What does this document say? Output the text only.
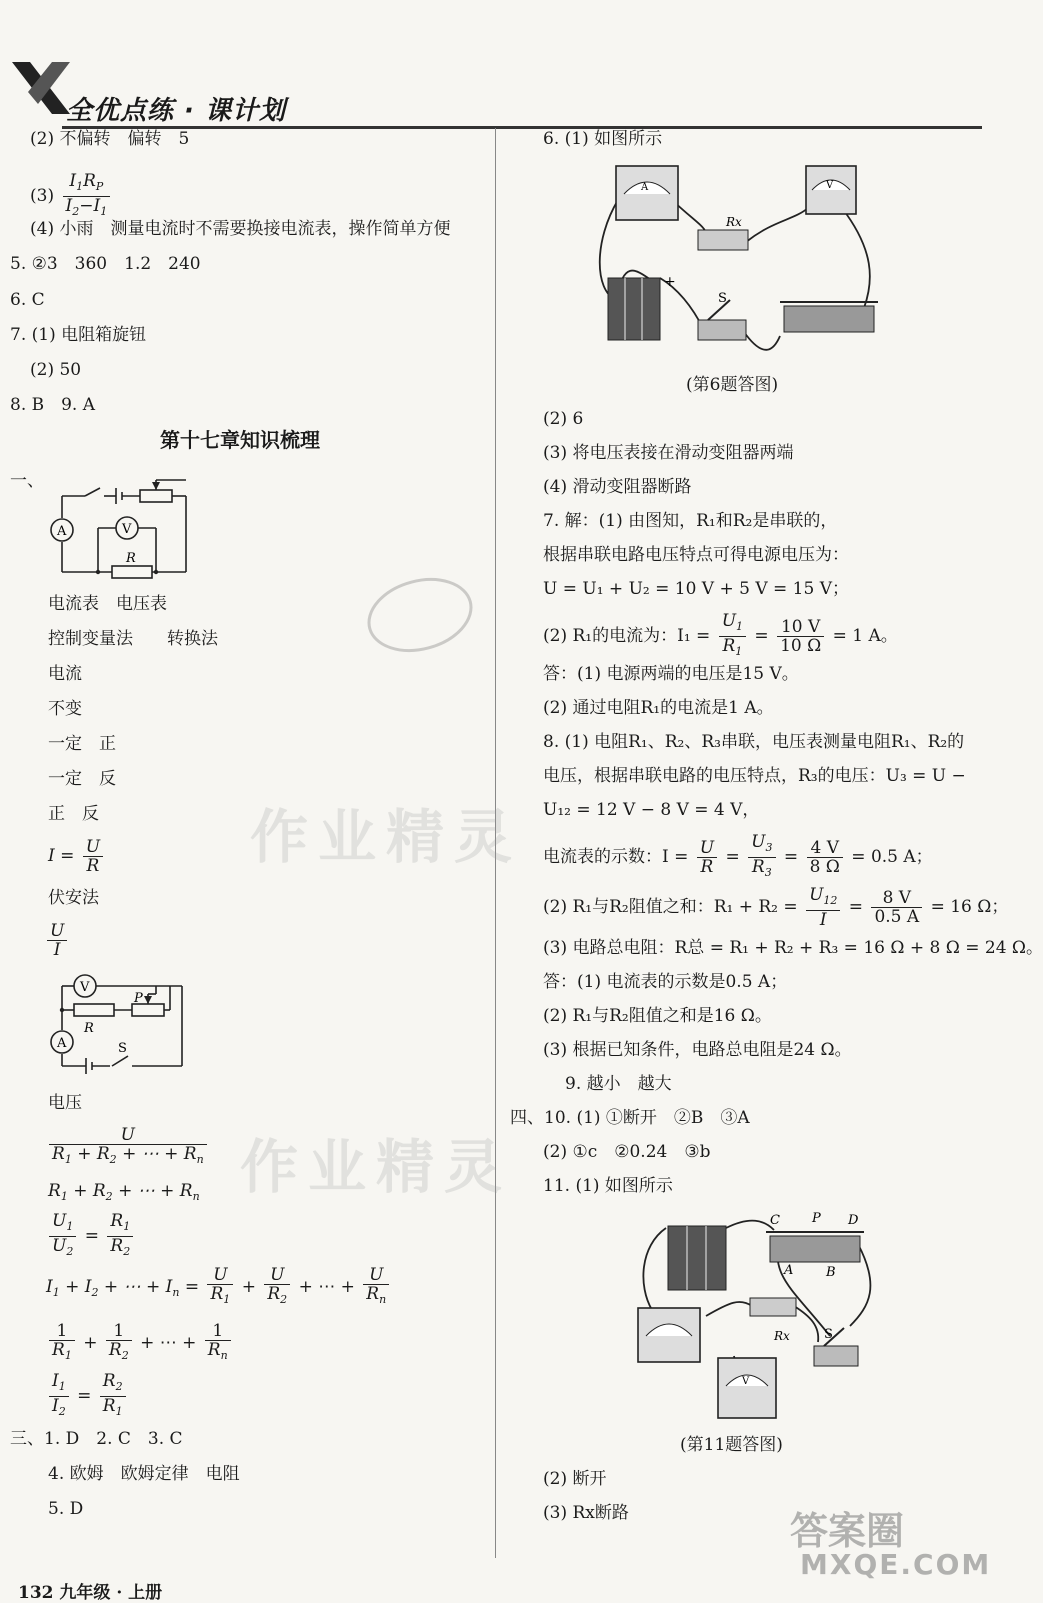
全优点练 · 课计划
作业精灵
作业精灵
(2) 不偏转　偏转　5
$(3) \frac{I_1R_P}{I_2-I_1}$
(4) 小雨　测量电流时不需要换接电流表，操作简单方便
5. ②3　360　1.2　240
6. C
7. (1) 电阻箱旋钮
(2) 50
8. B　9. A
第十七章知识梳理
一、
A	V
R
电流表　电压表
控制变量法　　转换法
电流
不变
一定　正
一定　反
正　反
$I = \frac{U}{R}$
伏安法
$\frac{U}{I}$
V
A
R
P
S
电压
$\frac{U}{R_1 + R_2 + \cdots + R_n}$
$R_1 + R_2$ + ⋯ + $R_n$
$\frac{U_1}{U_2} = \frac{R_1}{R_2}$
$I_1 + I_2$ + ⋯ + $I_n = \frac{U}{R_1} + \frac{U}{R_2}$ + ⋯ + $\frac{U}{R_n}$
$\frac{1}{R_1} + \frac{1}{R_2}$ + ⋯ + $\frac{1}{R_n}$
$\frac{I_1}{I_2} = \frac{R_2}{R_1}$
三、1. D　2. C　3. C
4. 欧姆　欧姆定律　电阻
5. D
6. (1) 如图所示
A	V
Rx
+
S
(第6题答图)
(2) 6
(3) 将电压表接在滑动变阻器两端
(4) 滑动变阻器断路
7. 解：(1) 由图知，R₁和R₂是串联的，
根据串联电路电压特点可得电源电压为：
U = U₁ + U₂ = 10 V + 5 V = 15 V；
(2) R₁的电流为：$I_1 = \frac{U_1}{R_1} = \frac{10 V}{10 \Omega} = 1$ A。
答：(1) 电源两端的电压是15 V。
(2) 通过电阻R₁的电流是1 A。
8. (1) 电阻R₁、R₂、R₃串联，电压表测量电阻R₁、R₂的
电压，根据串联电路的电压特点，R₃的电压：U₃ = U −
U₁₂ = 12 V − 8 V = 4 V，
电流表的示数：$I = \frac{U}{R} = \frac{U_3}{R_3} = \frac{4 V}{8 \Omega} = 0.5$ A；
(2) R₁与R₂阻值之和：$R_1 + R_2 = \frac{U_{12}}{I} = \frac{8 V}{0.5 A} = 16$ Ω；
(3) 电路总电阻：R总 = R₁ + R₂ + R₃ = 16 Ω + 8 Ω = 24 Ω。
答：(1) 电流表的示数是0.5 A；
(2) R₁与R₂阻值之和是16 Ω。
(3) 根据已知条件，电路总电阻是24 Ω。
9. 越小　越大
四、10. (1) ①断开　②B　③A
(2) ①c　②0.24　③b
11. (1) 如图所示
C P D
A	B
Rx	S
V
(第11题答图)
(2) 断开
(3) Rx断路
132 九年级 · 上册
答案圈
MXQE.COM
